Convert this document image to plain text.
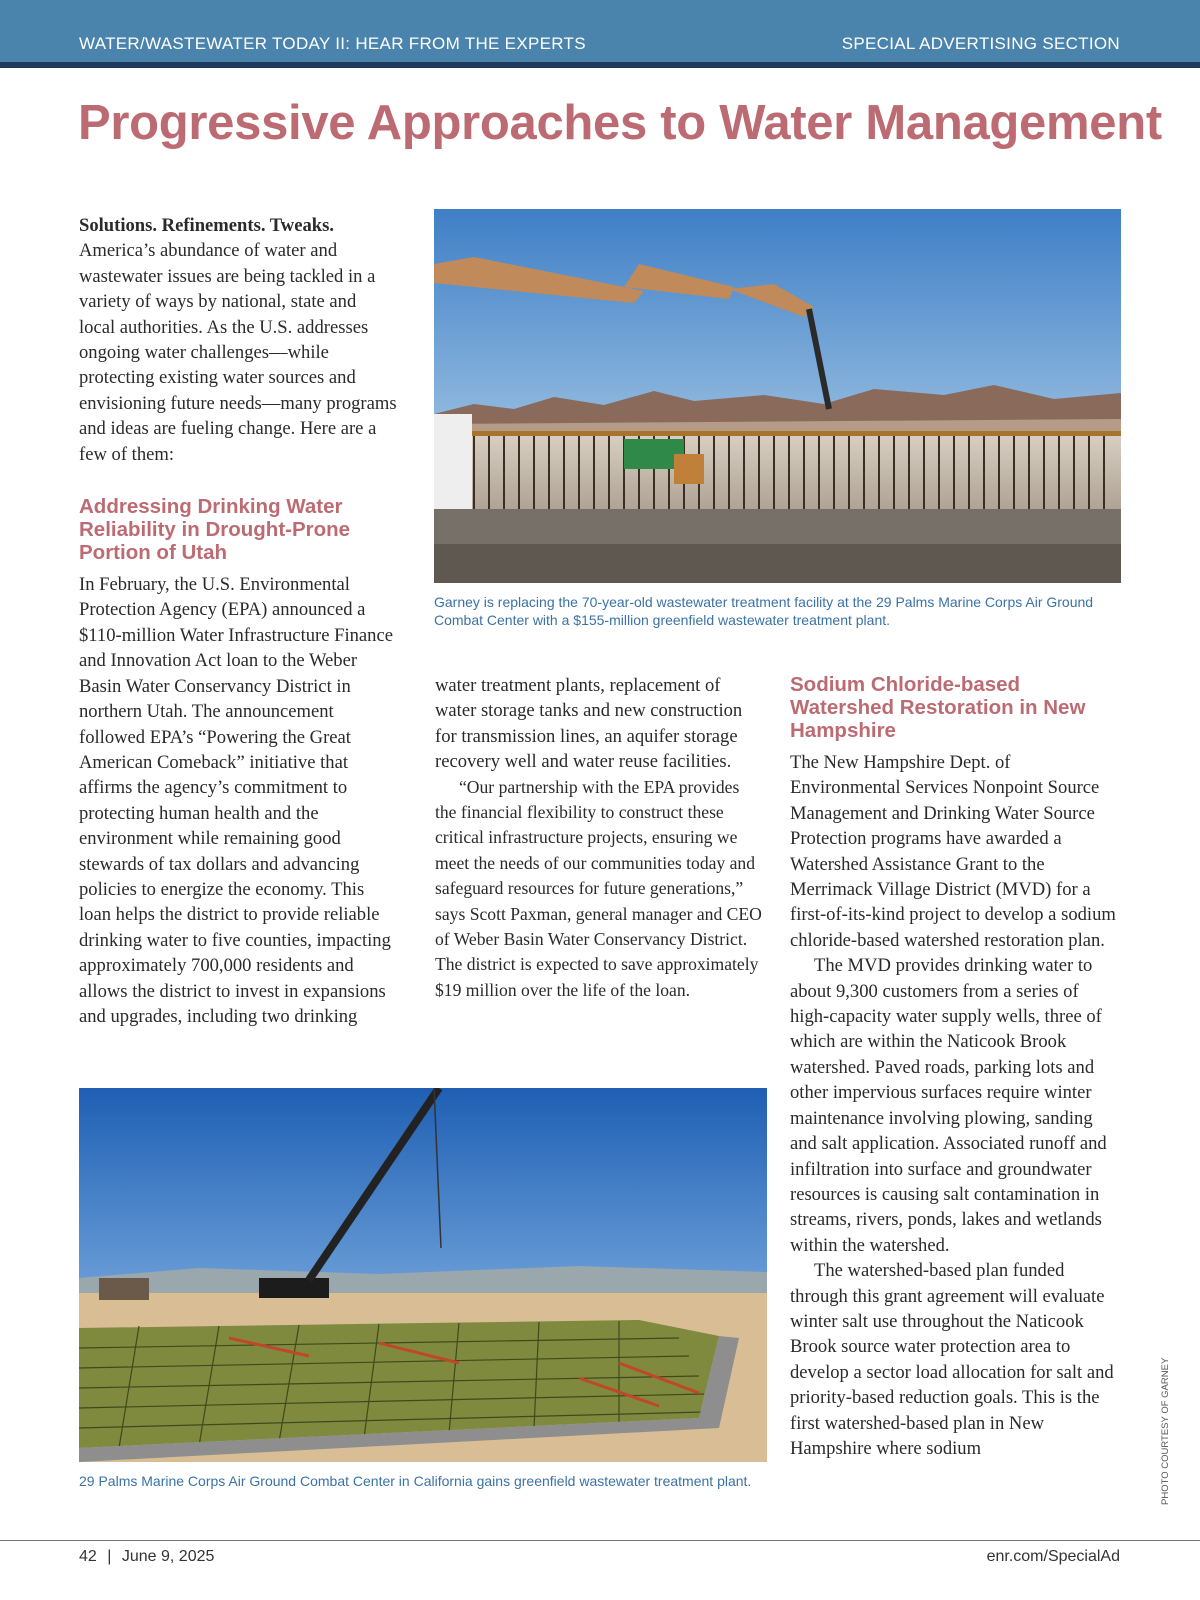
WATER/WASTEWATER TODAY II: HEAR FROM THE EXPERTS	SPECIAL ADVERTISING SECTION
Progressive Approaches to Water Management

Solutions. Refinements. Tweaks.

America’s abundance of water and wastewater issues are being tackled in a variety of ways by national, state and local authorities. As the U.S. addresses ongoing water challenges—while protecting existing water sources and envisioning future needs—many programs and ideas are fueling change. Here are a few of them:

Addressing Drinking Water Reliability in Drought-Prone Portion of Utah

In February, the U.S. Environmental Protection Agency (EPA) announced a $110-million Water Infrastructure Finance and Innovation Act loan to the Weber Basin Water Conservancy District in northern Utah. The announcement followed EPA’s “Powering the Great American Comeback” initiative that affirms the agency’s commitment to protecting human health and the environment while remaining good stewards of tax dollars and advancing policies to energize the economy. This loan helps the district to provide reliable drinking water to five counties, impacting approximately 700,000 residents and allows the district to invest in expansions and upgrades, including two drinking

Garney is replacing the 70-year-old wastewater treatment facility at the 29 Palms Marine Corps Air Ground Combat Center with a $155-million greenfield wastewater treatment plant.

water treatment plants, replacement of water storage tanks and new construction for transmission lines, an aquifer storage recovery well and water reuse facilities.

“Our partnership with the EPA provides the financial flexibility to construct these critical infrastructure projects, ensuring we meet the needs of our communities today and safeguard resources for future generations,” says Scott Paxman, general manager and CEO of Weber Basin Water Conservancy District. The district is expected to save approximately $19 million over the life of the loan.

Sodium Chloride-based Watershed Restoration in New Hampshire

The New Hampshire Dept. of Environmental Services Nonpoint Source Management and Drinking Water Source Protection programs have awarded a Watershed Assistance Grant to the Merrimack Village District (MVD) for a first-of-its-kind project to develop a sodium chloride-based watershed restoration plan.

The MVD provides drinking water to about 9,300 customers from a series of high-capacity water supply wells, three of which are within the Naticook Brook watershed. Paved roads, parking lots and other impervious surfaces require winter maintenance involving plowing, sanding and salt application. Associated runoff and infiltration into surface and groundwater resources is causing salt contamination in streams, rivers, ponds, lakes and wetlands within the watershed.

The watershed-based plan funded through this grant agreement will evaluate winter salt use throughout the Naticook Brook source water protection area to develop a sector load allocation for salt and priority-based reduction goals. This is the first watershed-based plan in New Hampshire where sodium

29 Palms Marine Corps Air Ground Combat Center in California gains greenfield wastewater treatment plant.	PHOTO COURTESY OF GARNEY
42 | June 9, 2025	enr.com/SpecialAd
